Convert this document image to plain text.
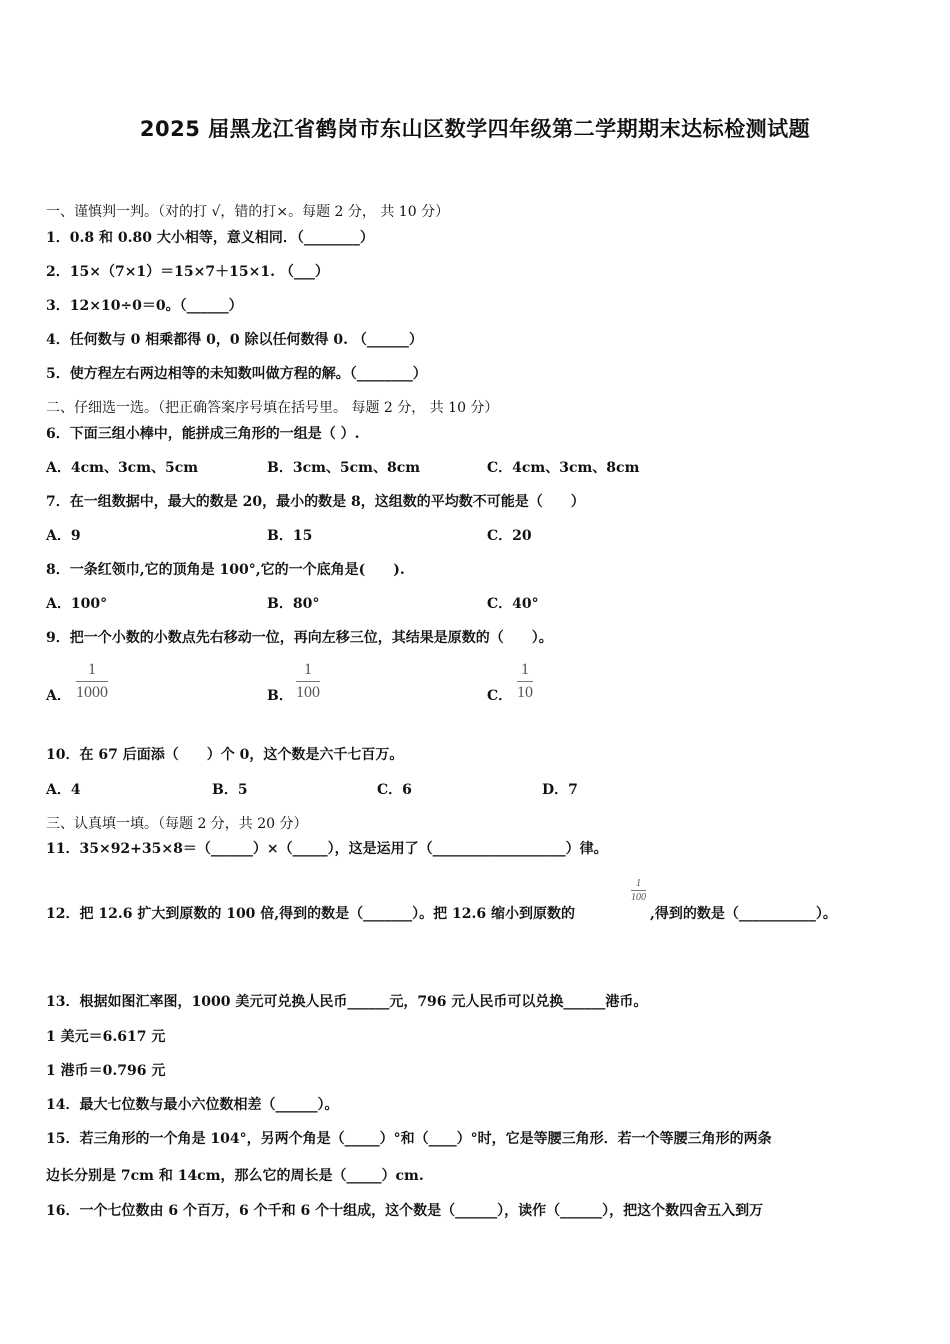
2025 届黑龙江省鹤岗市东山区数学四年级第二学期期末达标检测试题
一、谨慎判一判。（对的打 √，错的打×。每题 2 分， 共 10 分）
1．0.8 和 0.80 大小相等，意义相同．（________）
2．15×（7×1）＝15×7＋15×1. （___）
3．12×10÷0＝0。（______）
4．任何数与 0 相乘都得 0，0 除以任何数得 0. （______）
5．使方程左右两边相等的未知数叫做方程的解。（________）
二、仔细选一选。（把正确答案序号填在括号里。 每题 2 分， 共 10 分）
6．下面三组小棒中，能拼成三角形的一组是（ ）.
A．4cm、3cm、5cm	B．3cm、5cm、8cm	C．4cm、3cm、8cm
7．在一组数据中，最大的数是 20，最小的数是 8，这组数的平均数不可能是（　　）
A．9	B．15	C．20
8．一条红领巾,它的顶角是 100°,它的一个底角是(　　).
A．100°	B．80°	C．40°
9．把一个小数的小数点先右移动一位，再向左移三位，其结果是原数的（　　）。
A．
1
1000	B．
1
100	C．
1
10
10．在 67 后面添（　　）个 0，这个数是六千七百万。
A．4	B．5	C．6	D．7
三、认真填一填。（每题 2 分，共 20 分）
11．35×92+35×8＝（______）×（_____），这是运用了（___________________）律。
12．把 12.6 扩大到原数的 100 倍,得到的数是（_______）。把 12.6 缩小到原数的
1
100
,得到的数是（___________）。
13．根据如图汇率图，1000 美元可兑换人民币______元，796 元人民币可以兑换______港币。
1 美元＝6.617 元
1 港币＝0.796 元
14．最大七位数与最小六位数相差（______）。
15．若三角形的一个角是 104°，另两个角是（_____）°和（____）°时，它是等腰三角形．若一个等腰三角形的两条
边长分别是 7cm 和 14cm，那么它的周长是（_____）cm.
16．一个七位数由 6 个百万，6 个千和 6 个十组成，这个数是（______），读作（______），把这个数四舍五入到万
